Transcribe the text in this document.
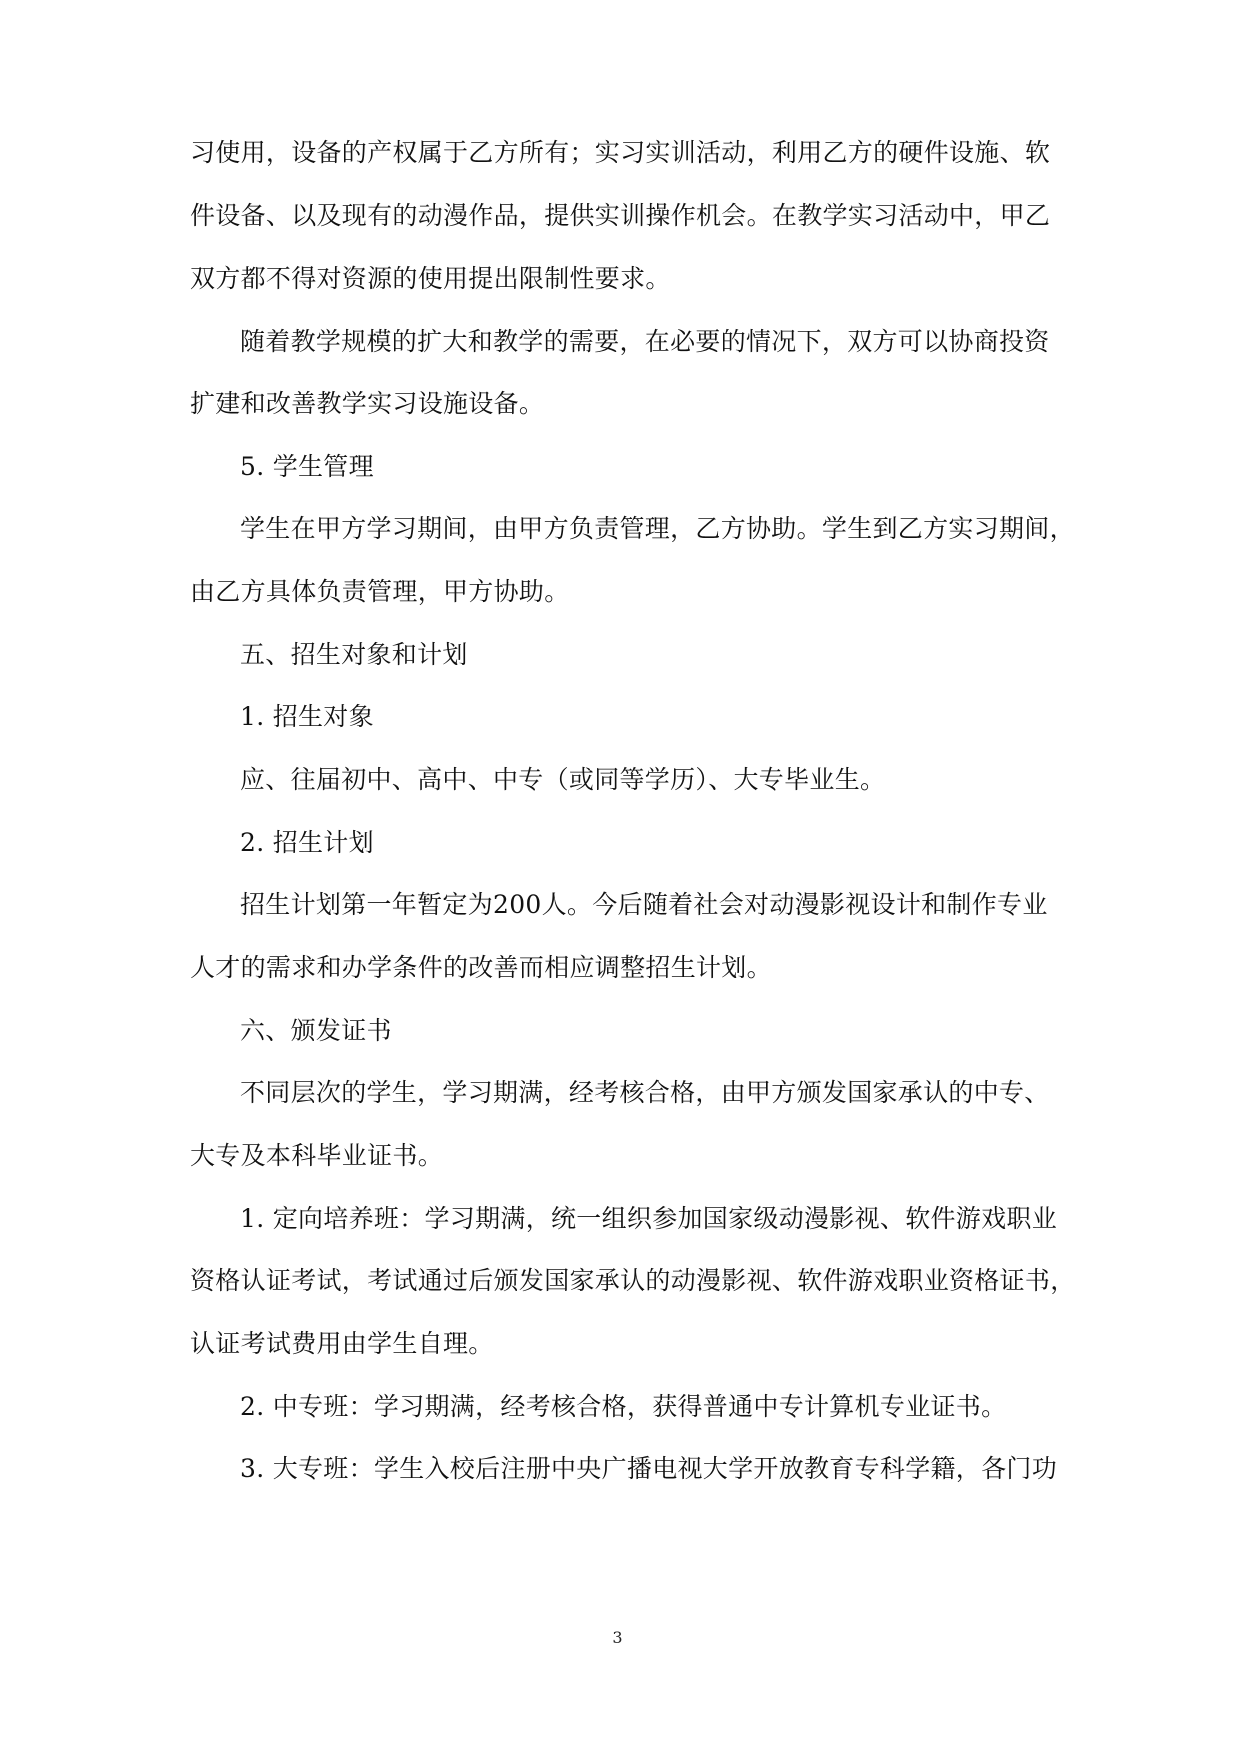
习使用，设备的产权属于乙方所有；实习实训活动，利用乙方的硬件设施、软
件设备、以及现有的动漫作品，提供实训操作机会。在教学实习活动中，甲乙
双方都不得对资源的使用提出限制性要求。
随着教学规模的扩大和教学的需要，在必要的情况下，双方可以协商投资
扩建和改善教学实习设施设备。
5. 学生管理
学生在甲方学习期间，由甲方负责管理，乙方协助。学生到乙方实习期间，
由乙方具体负责管理，甲方协助。
五、招生对象和计划
1. 招生对象
应、往届初中、高中、中专（或同等学历）、大专毕业生。
2. 招生计划
招生计划第一年暂定为200人。今后随着社会对动漫影视设计和制作专业
人才的需求和办学条件的改善而相应调整招生计划。
六、颁发证书
不同层次的学生，学习期满，经考核合格，由甲方颁发国家承认的中专、
大专及本科毕业证书。
1. 定向培养班：学习期满，统一组织参加国家级动漫影视、软件游戏职业
资格认证考试，考试通过后颁发国家承认的动漫影视、软件游戏职业资格证书，
认证考试费用由学生自理。
2. 中专班：学习期满，经考核合格，获得普通中专计算机专业证书。
3. 大专班：学生入校后注册中央广播电视大学开放教育专科学籍，各门功
3
